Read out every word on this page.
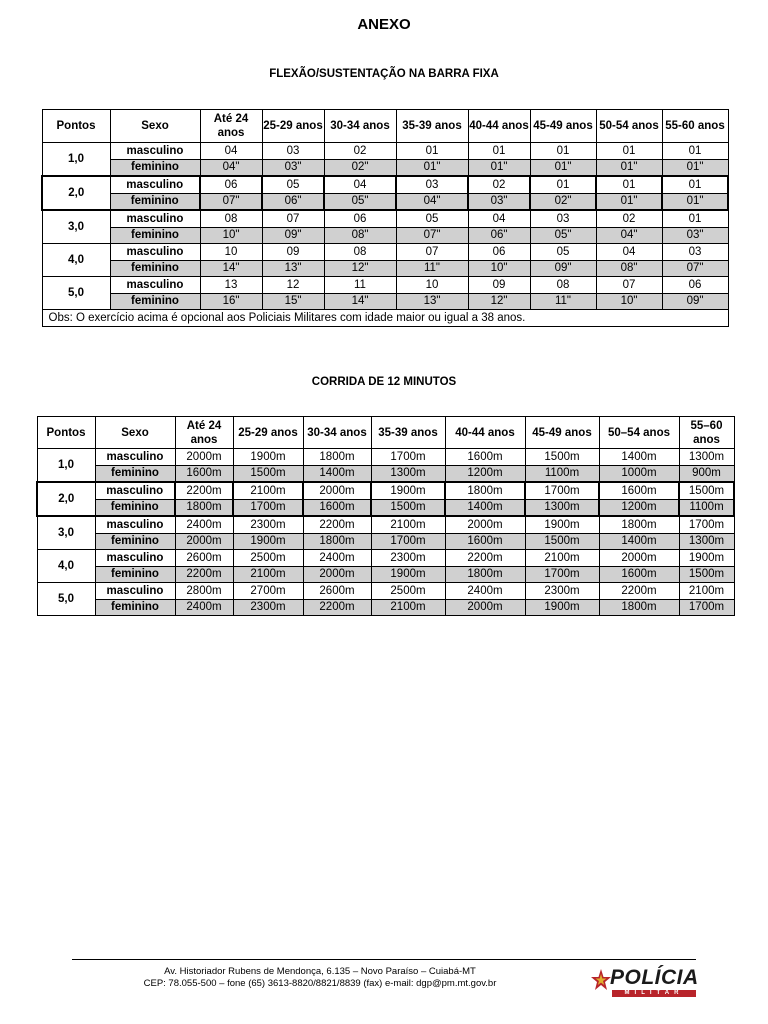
ANEXO
FLEXÃO/SUSTENTAÇÃO NA BARRA FIXA
Pontos	Sexo	Até 24 anos	25-29 anos	30-34 anos	35-39 anos	40-44 anos	45-49 anos	50-54 anos	55-60 anos
1,0	masculino	04	03	02	01	01	01	01	01
	feminino	04"	03"	02"	01"	01"	01"	01"	01"
2,0	masculino	06	05	04	03	02	01	01	01
	feminino	07"	06"	05"	04"	03"	02"	01"	01"
3,0	masculino	08	07	06	05	04	03	02	01
	feminino	10"	09"	08"	07"	06"	05"	04"	03"
4,0	masculino	10	09	08	07	06	05	04	03
	feminino	14"	13"	12"	11"	10"	09"	08"	07"
5,0	masculino	13	12	11	10	09	08	07	06
	feminino	16"	15"	14"	13"	12"	11"	10"	09"
Obs: O exercício acima é opcional aos Policiais Militares com idade maior ou igual a 38 anos.									
CORRIDA DE 12 MINUTOS
Pontos	Sexo	Até 24 anos	25-29 anos	30-34 anos	35-39 anos	40-44 anos	45-49 anos	50–54 anos	55–60 anos
1,0	masculino	2000m	1900m	1800m	1700m	1600m	1500m	1400m	1300m
	feminino	1600m	1500m	1400m	1300m	1200m	1100m	1000m	900m
2,0	masculino	2200m	2100m	2000m	1900m	1800m	1700m	1600m	1500m
	feminino	1800m	1700m	1600m	1500m	1400m	1300m	1200m	1100m
3,0	masculino	2400m	2300m	2200m	2100m	2000m	1900m	1800m	1700m
	feminino	2000m	1900m	1800m	1700m	1600m	1500m	1400m	1300m
4,0	masculino	2600m	2500m	2400m	2300m	2200m	2100m	2000m	1900m
	feminino	2200m	2100m	2000m	1900m	1800m	1700m	1600m	1500m
5,0	masculino	2800m	2700m	2600m	2500m	2400m	2300m	2200m	2100m
	feminino	2400m	2300m	2200m	2100m	2000m	1900m	1800m	1700m
Av. Historiador Rubens de Mendonça, 6.135 – Novo Paraíso – Cuiabá-MT
CEP: 78.055-500 – fone (65) 3613-8820/8821/8839 (fax) e-mail: dgp@pm.mt.gov.br	POLÍCIA
MILITAR
